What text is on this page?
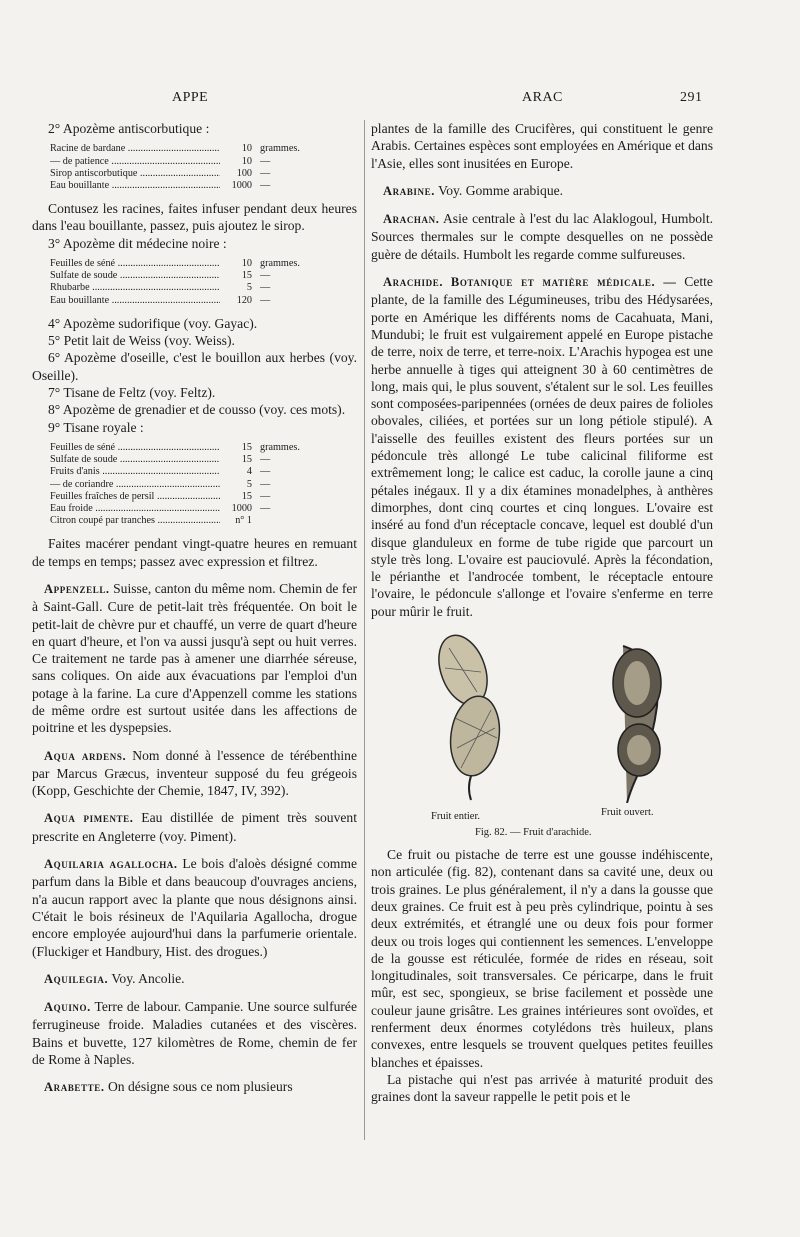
APPE	ARAC	291

2° Apozème antiscorbutique :

Racine de bardane .....	10 grammes.
— de patience .....	10 —
Sirop antiscorbutique .....	100 —
Eau bouillante .....	1000 —

Contusez les racines, faites infuser pendant deux heures dans l'eau bouillante, passez, puis ajoutez le sirop.

3° Apozème dit médecine noire :

Feuilles de séné .....	10 grammes.
Sulfate de soude .....	15 —
Rhubarbe .....	5 —
Eau bouillante .....	120 —

4° Apozème sudorifique (voy. Gayac).

5° Petit lait de Weiss (voy. Weiss).

6° Apozème d'oseille, c'est le bouillon aux herbes (voy. Oseille).

7° Tisane de Feltz (voy. Feltz).

8° Apozème de grenadier et de cousso (voy. ces mots).

9° Tisane royale :

Feuilles de séné .....	15 grammes.
Sulfate de soude .....	15 —
Fruits d'anis .....	4 —
— de coriandre .....	5 —
Feuilles fraîches de persil .....	15 —
Eau froide .....	1000 —
Citron coupé par tranches .....	n° 1

Faites macérer pendant vingt-quatre heures en remuant de temps en temps; passez avec expression et filtrez.

Appenzell. Suisse, canton du même nom. Chemin de fer à Saint-Gall. Cure de petit-lait très fréquentée. On boit le petit-lait de chèvre pur et chauffé, un verre de quart d'heure en quart d'heure, et l'on va aussi jusqu'à sept ou huit verres. Ce traitement ne tarde pas à amener une diarrhée séreuse, sans coliques. On aide aux évacuations par l'emploi d'un potage à la farine. La cure d'Appenzell comme les stations de même ordre est surtout usitée dans les affections de poitrine et les dyspepsies.

Aqua ardens. Nom donné à l'essence de térébenthine par Marcus Græcus, inventeur supposé du feu grégeois (Kopp, Geschichte der Chemie, 1847, IV, 392).

Aqua pimente. Eau distillée de piment très souvent prescrite en Angleterre (voy. Piment).

Aquilaria agallocha. Le bois d'aloès désigné comme parfum dans la Bible et dans beaucoup d'ouvrages anciens, n'a aucun rapport avec la plante que nous désignons ainsi. C'était le bois résineux de l'Aquilaria Agallocha, drogue encore employée aujourd'hui dans la parfumerie orientale. (Fluckiger et Handbury, Hist. des drogues.)

Aquilegia. Voy. Ancolie.

Aquino. Terre de labour. Campanie. Une source sulfurée ferrugineuse froide. Maladies cutanées et des viscères. Bains et buvette, 127 kilomètres de Rome, chemin de fer de Rome à Naples.

Arabette. On désigne sous ce nom plusieurs

plantes de la famille des Crucifères, qui constituent le genre Arabis. Certaines espèces sont employées en Amérique et dans l'Asie, elles sont inusitées en Europe.

Arabine. Voy. Gomme arabique.

Arachan. Asie centrale à l'est du lac Alaklogoul, Humbolt. Sources thermales sur le compte desquelles on ne possède guère de détails. Humbolt les regarde comme sulfureuses.

Arachide. Botanique et matière médicale. — Cette plante, de la famille des Légumineuses, tribu des Hédysarées, porte en Amérique les différents noms de Cacahuata, Mani, Mundubi; le fruit est vulgairement appelé en Europe pistache de terre, noix de terre, et terre-noix. L'Arachis hypogea est une herbe annuelle à tiges qui atteignent 30 à 60 centimètres de long, mais qui, le plus souvent, s'étalent sur le sol. Les feuilles sont composées-paripennées (ornées de deux paires de folioles obovales, ciliées, et portées sur un long pétiole stipulé). A l'aisselle des feuilles existent des fleurs portées sur un pédoncule très allongé Le tube calicinal filiforme est extrêmement long; le calice est caduc, la corolle jaune a cinq pétales inégaux. Il y a dix étamines monadelphes, à anthères dimorphes, dont cinq courtes et cinq longues. L'ovaire est inséré au fond d'un réceptacle concave, lequel est doublé d'un disque glanduleux en forme de tube rigide que parcourt un style très long. L'ovaire est pauciovulé. Après la fécondation, le périanthe et l'androcée tombent, le réceptacle entoure l'ovaire, le pédoncule s'allonge et l'ovaire s'enferme en terre pour mûrir le fruit.

Fruit entier.	Fruit ouvert.
Fig. 82. — Fruit d'arachide.

Ce fruit ou pistache de terre est une gousse indéhiscente, non articulée (fig. 82), contenant dans sa cavité une, deux ou trois graines. Le plus généralement, il n'y a dans la gousse que deux graines. Ce fruit est à peu près cylindrique, pointu à ses deux extrémités, et étranglé une ou deux fois pour former deux ou trois loges qui contiennent les semences. L'enveloppe de la gousse est réticulée, formée de rides en réseau, soit longitudinales, soit transversales. Ce péricarpe, dans le fruit mûr, est sec, spongieux, se brise facilement et possède une couleur jaune grisâtre. Les graines intérieures sont ovoïdes, et renferment deux énormes cotylédons très huileux, plans convexes, entre lesquels se trouvent quelques petites feuilles blanches et épaisses.

La pistache qui n'est pas arrivée à maturité produit des graines dont la saveur rappelle le petit pois et le
